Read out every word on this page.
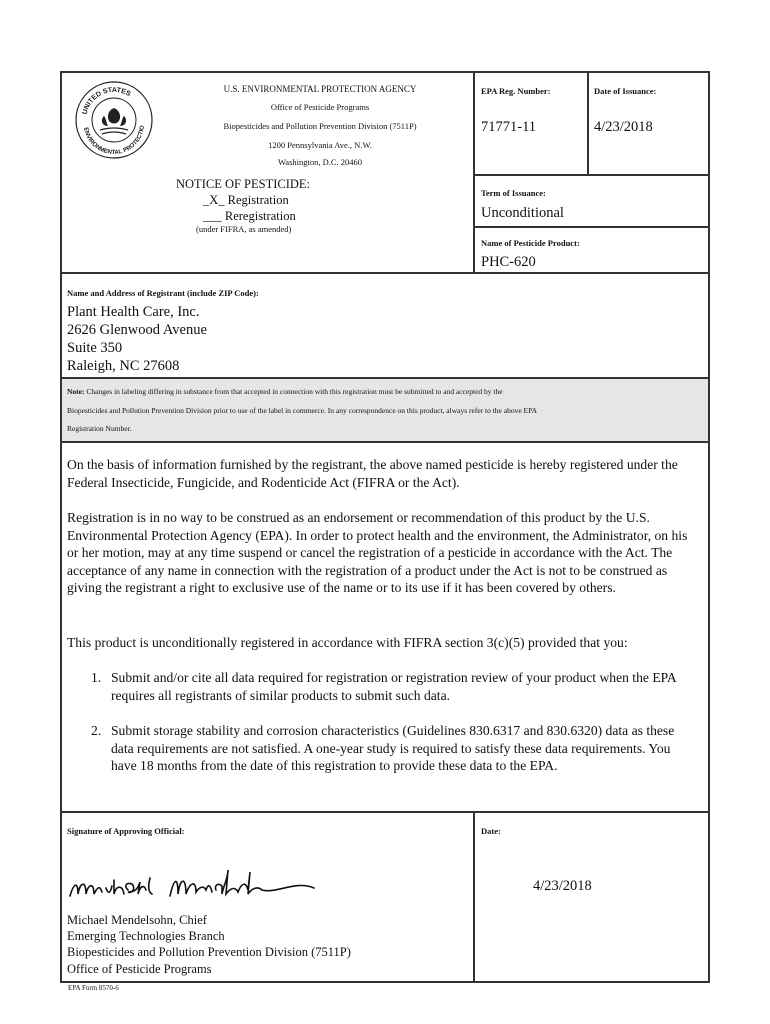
UNITED STATES
ENVIRONMENTAL PROTECTIO
U.S. ENVIRONMENTAL PROTECTION AGENCY
Office of Pesticide Programs
Biopesticides and Pollution Prevention Division (7511P)
1200 Pennsylvania Ave., N.W.
Washington, D.C. 20460
NOTICE OF PESTICIDE:
_X_ Registration
___ Reregistration
(under FIFRA, as amended)
EPA Reg. Number:
71771-11
Date of Issuance:
4/23/2018
Term of Issuance:
Unconditional
Name of Pesticide Product:
PHC-620
Name and Address of Registrant (include ZIP Code):
Plant Health Care, Inc.
2626 Glenwood Avenue
Suite 350
Raleigh, NC 27608
Note: Changes in labeling differing in substance from that accepted in connection with this registration must be submitted to and accepted by the
Biopesticides and Pollution Prevention Division prior to use of the label in commerce. In any correspondence on this product, always refer to the above EPA
Registration Number.
On the basis of information furnished by the registrant, the above named pesticide is hereby registered under the Federal Insecticide, Fungicide, and Rodenticide Act (FIFRA or the Act).
Registration is in no way to be construed as an endorsement or recommendation of this product by the U.S. Environmental Protection Agency (EPA). In order to protect health and the environment, the Administrator, on his or her motion, may at any time suspend or cancel the registration of a pesticide in accordance with the Act. The acceptance of any name in connection with the registration of a product under the Act is not to be construed as giving the registrant a right to exclusive use of the name or to its use if it has been covered by others.
This product is unconditionally registered in accordance with FIFRA section 3(c)(5) provided that you:
1. Submit and/or cite all data required for registration or registration review of your product when the EPA requires all registrants of similar products to submit such data.
2. Submit storage stability and corrosion characteristics (Guidelines 830.6317 and 830.6320) data as these data requirements are not satisfied. A one-year study is required to satisfy these data requirements. You have 18 months from the date of this registration to provide these data to the EPA.
Signature of Approving Official:
Michael Mendelsohn, Chief
Emerging Technologies Branch
Biopesticides and Pollution Prevention Division (7511P)
Office of Pesticide Programs
Date:
4/23/2018
EPA Form 8570-6
